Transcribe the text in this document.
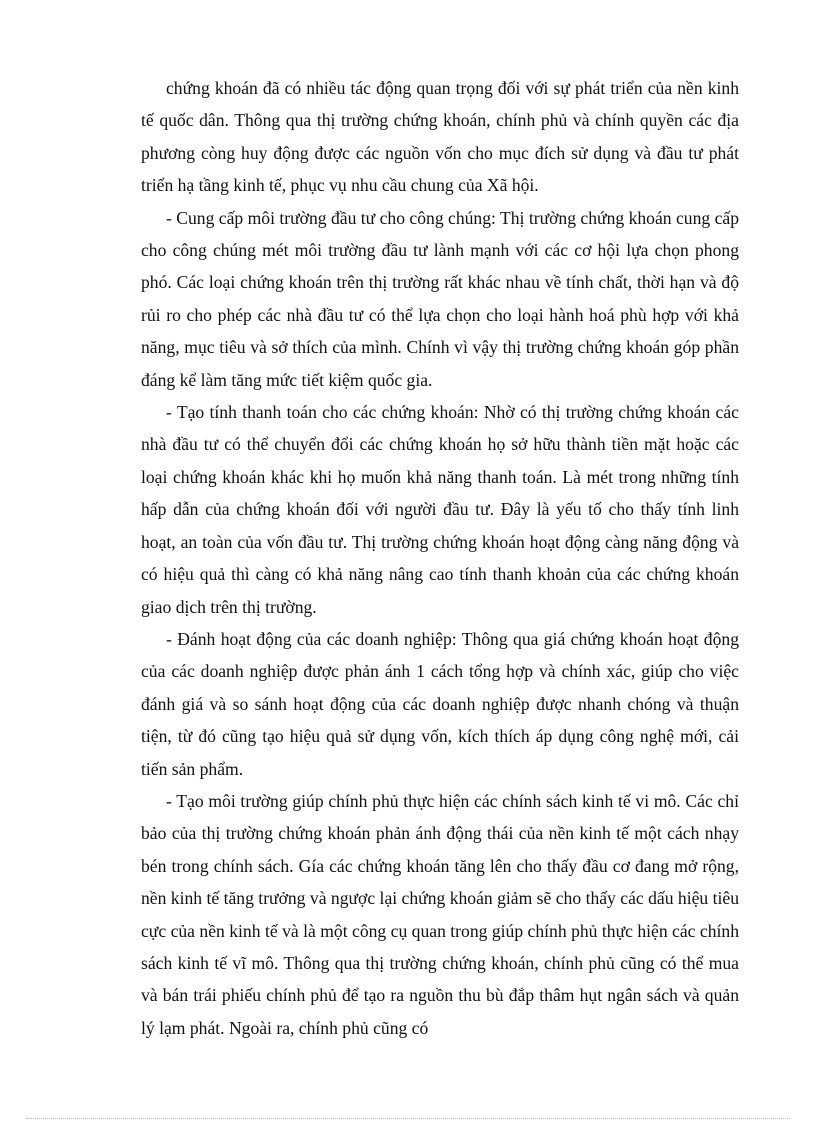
chứng khoán đã có nhiều tác động quan trọng đối với sự phát triển của nền kinh tế quốc dân. Thông qua thị trường chứng khoán, chính phủ và chính quyền các địa phương còng huy động được các nguồn vốn cho mục đích sử dụng và đầu tư phát triển hạ tầng kinh tế, phục vụ nhu cầu chung của Xã hội.

- Cung cấp môi trường đầu tư cho công chúng: Thị trường chứng khoán cung cấp cho công chúng mét môi trường đầu tư lành mạnh với các cơ hội lựa chọn phong phó. Các loại chứng khoán trên thị trường rất khác nhau về tính chất, thời hạn và độ rủi ro cho phép các nhà đầu tư có thể lựa chọn cho loại hành hoá phù hợp với khả năng, mục tiêu và sở thích của mình. Chính vì vậy thị trường chứng khoán góp phần đáng kể làm tăng mức tiết kiệm quốc gia.

- Tạo tính thanh toán cho các chứng khoán: Nhờ có thị trường chứng khoán các nhà đầu tư có thể chuyển đổi các chứng khoán họ sở hữu thành tiền mặt hoặc các loại chứng khoán khác khi họ muốn khả năng thanh toán. Là mét trong những tính hấp dẫn của chứng khoán đối với người đầu tư. Đây là yếu tố cho thấy tính linh hoạt, an toàn của vốn đầu tư. Thị trường chứng khoán hoạt động càng năng động và có hiệu quả thì càng có khả năng nâng cao tính thanh khoản của các chứng khoán giao dịch trên thị trường.

- Đánh hoạt động của các doanh nghiệp: Thông qua giá chứng khoán hoạt động của các doanh nghiệp được phản ánh 1 cách tổng hợp và chính xác, giúp cho việc đánh giá và so sánh hoạt động của các doanh nghiệp được nhanh chóng và thuận tiện, từ đó cũng tạo hiệu quả sử dụng vốn, kích thích áp dụng công nghệ mới, cải tiến sản phẩm.

- Tạo môi trường giúp chính phủ thực hiện các chính sách kinh tế vi mô. Các chỉ bảo của thị trường chứng khoán phản ánh động thái của nền kinh tế một cách nhạy bén trong chính sách. Gía các chứng khoán tăng lên cho thấy đầu cơ đang mở rộng, nền kinh tế tăng trưởng và ngược lại chứng khoán giảm sẽ cho thấy các dấu hiệu tiêu cực của nền kinh tế và là một công cụ quan trong giúp chính phủ thực hiện các chính sách kinh tế vĩ mô. Thông qua thị trường chứng khoán, chính phủ cũng có thể mua và bán trái phiếu chính phủ để tạo ra nguồn thu bù đắp thâm hụt ngân sách và quản lý lạm phát. Ngoài ra, chính phủ cũng có
